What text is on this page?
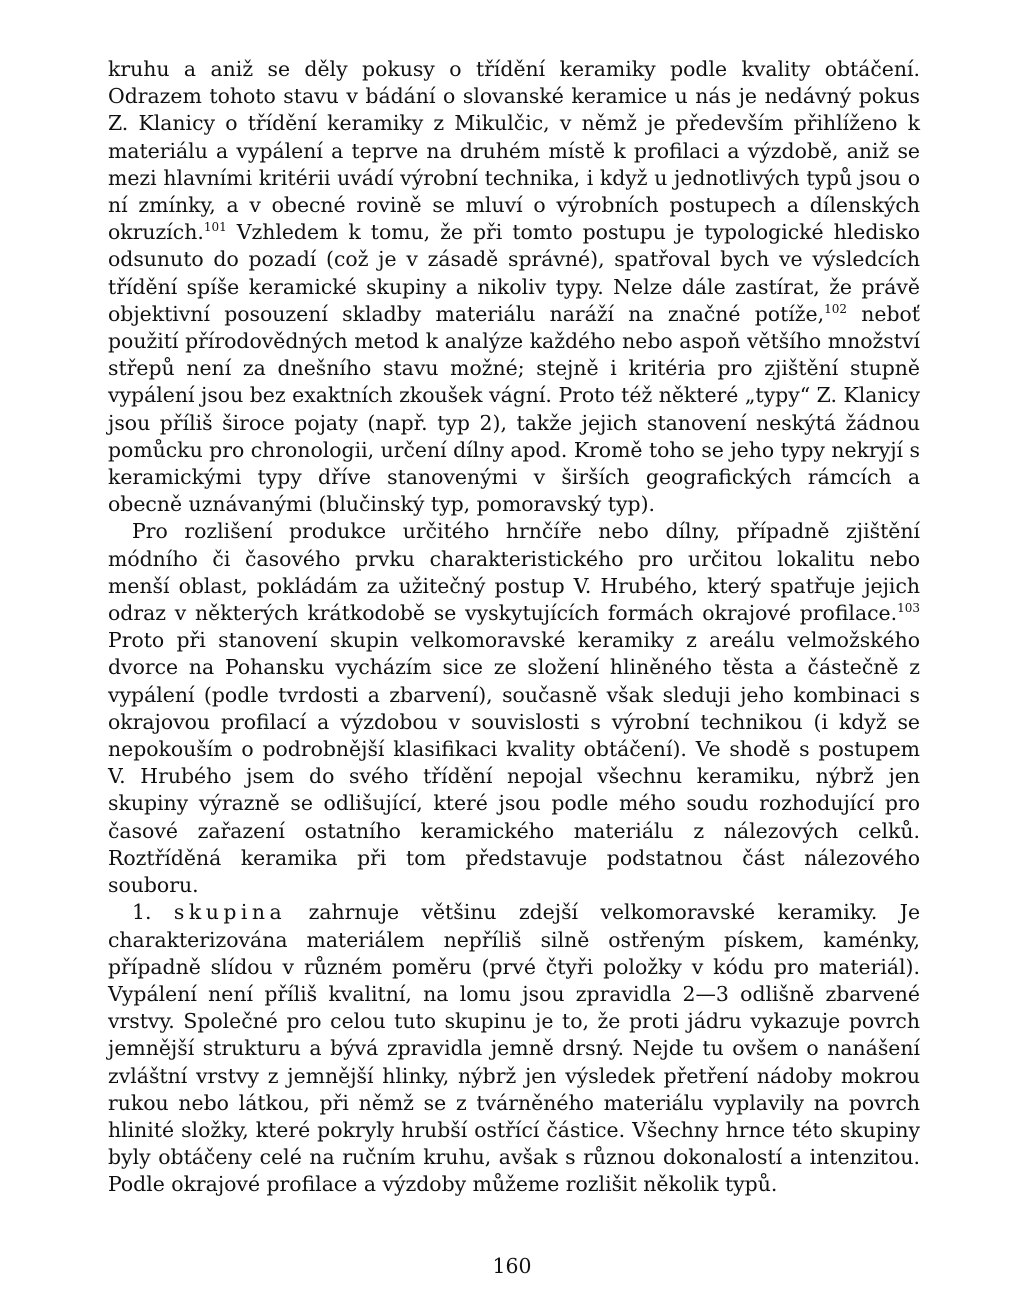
kruhu a aniž se děly pokusy o třídění keramiky podle kvality obtáčení. Odrazem tohoto stavu v bádání o slovanské keramice u nás je nedávný pokus Z. Klanicy o třídění keramiky z Mikulčic, v němž je především přihlíženo k materiálu a vypálení a teprve na druhém místě k profilaci a výzdobě, aniž se mezi hlavními kritérii uvádí výrobní technika, i když u jednotlivých typů jsou o ní zmínky, a v obecné rovině se mluví o výrobních postupech a dílenských okruzích.$^{101}$ Vzhledem k tomu, že při tomto postupu je typologické hledisko odsunuto do pozadí (což je v zásadě správné), spatřoval bych ve výsledcích třídění spíše keramické skupiny a nikoliv typy. Nelze dále zastírat, že právě objektivní posouzení skladby materiálu naráží na značné potíže,$^{102}$ neboť použití přírodovědných metod k analýze každého nebo aspoň většího množství střepů není za dnešního stavu možné; stejně i kritéria pro zjištění stupně vypálení jsou bez exaktních zkoušek vágní. Proto též některé „typy“ Z. Klanicy jsou příliš široce pojaty (např. typ 2), takže jejich stanovení neskýtá žádnou pomůcku pro chronologii, určení dílny apod. Kromě toho se jeho typy nekryjí s keramickými typy dříve stanovenými v širších geografických rámcích a obecně uznávanými (blučinský typ, pomoravský typ).

Pro rozlišení produkce určitého hrnčíře nebo dílny, případně zjištění módního či časového prvku charakteristického pro určitou lokalitu nebo menší oblast, pokládám za užitečný postup V. Hrubého, který spatřuje jejich odraz v některých krátkodobě se vyskytujících formách okrajové profilace.$^{103}$ Proto při stanovení skupin velkomoravské keramiky z areálu velmožského dvorce na Pohansku vycházím sice ze složení hliněného těsta a částečně z vypálení (podle tvrdosti a zbarvení), současně však sleduji jeho kombinaci s okrajovou profilací a výzdobou v souvislosti s výrobní technikou (i když se nepokouším o podrobnější klasifikaci kvality obtáčení). Ve shodě s postupem V. Hrubého jsem do svého třídění nepojal všechnu keramiku, nýbrž jen skupiny výrazně se odlišující, které jsou podle mého soudu rozhodující pro časové zařazení ostatního keramického materiálu z nálezových celků. Roztříděná keramika při tom představuje podstatnou část nálezového souboru.

1. skupina zahrnuje většinu zdejší velkomoravské keramiky. Je charakterizována materiálem nepříliš silně ostřeným pískem, kaménky, případně slídou v různém poměru (prvé čtyři položky v kódu pro materiál). Vypálení není příliš kvalitní, na lomu jsou zpravidla 2—3 odlišně zbarvené vrstvy. Společné pro celou tuto skupinu je to, že proti jádru vykazuje povrch jemnější strukturu a bývá zpravidla jemně drsný. Nejde tu ovšem o nanášení zvláštní vrstvy z jemnější hlinky, nýbrž jen výsledek přetření nádoby mokrou rukou nebo látkou, při němž se z tvárněného materiálu vyplavily na povrch hlinité složky, které pokryly hrubší ostřící částice. Všechny hrnce této skupiny byly obtáčeny celé na ručním kruhu, avšak s různou dokonalostí a intenzitou. Podle okrajové profilace a výzdoby můžeme rozlišit několik typů.

160
